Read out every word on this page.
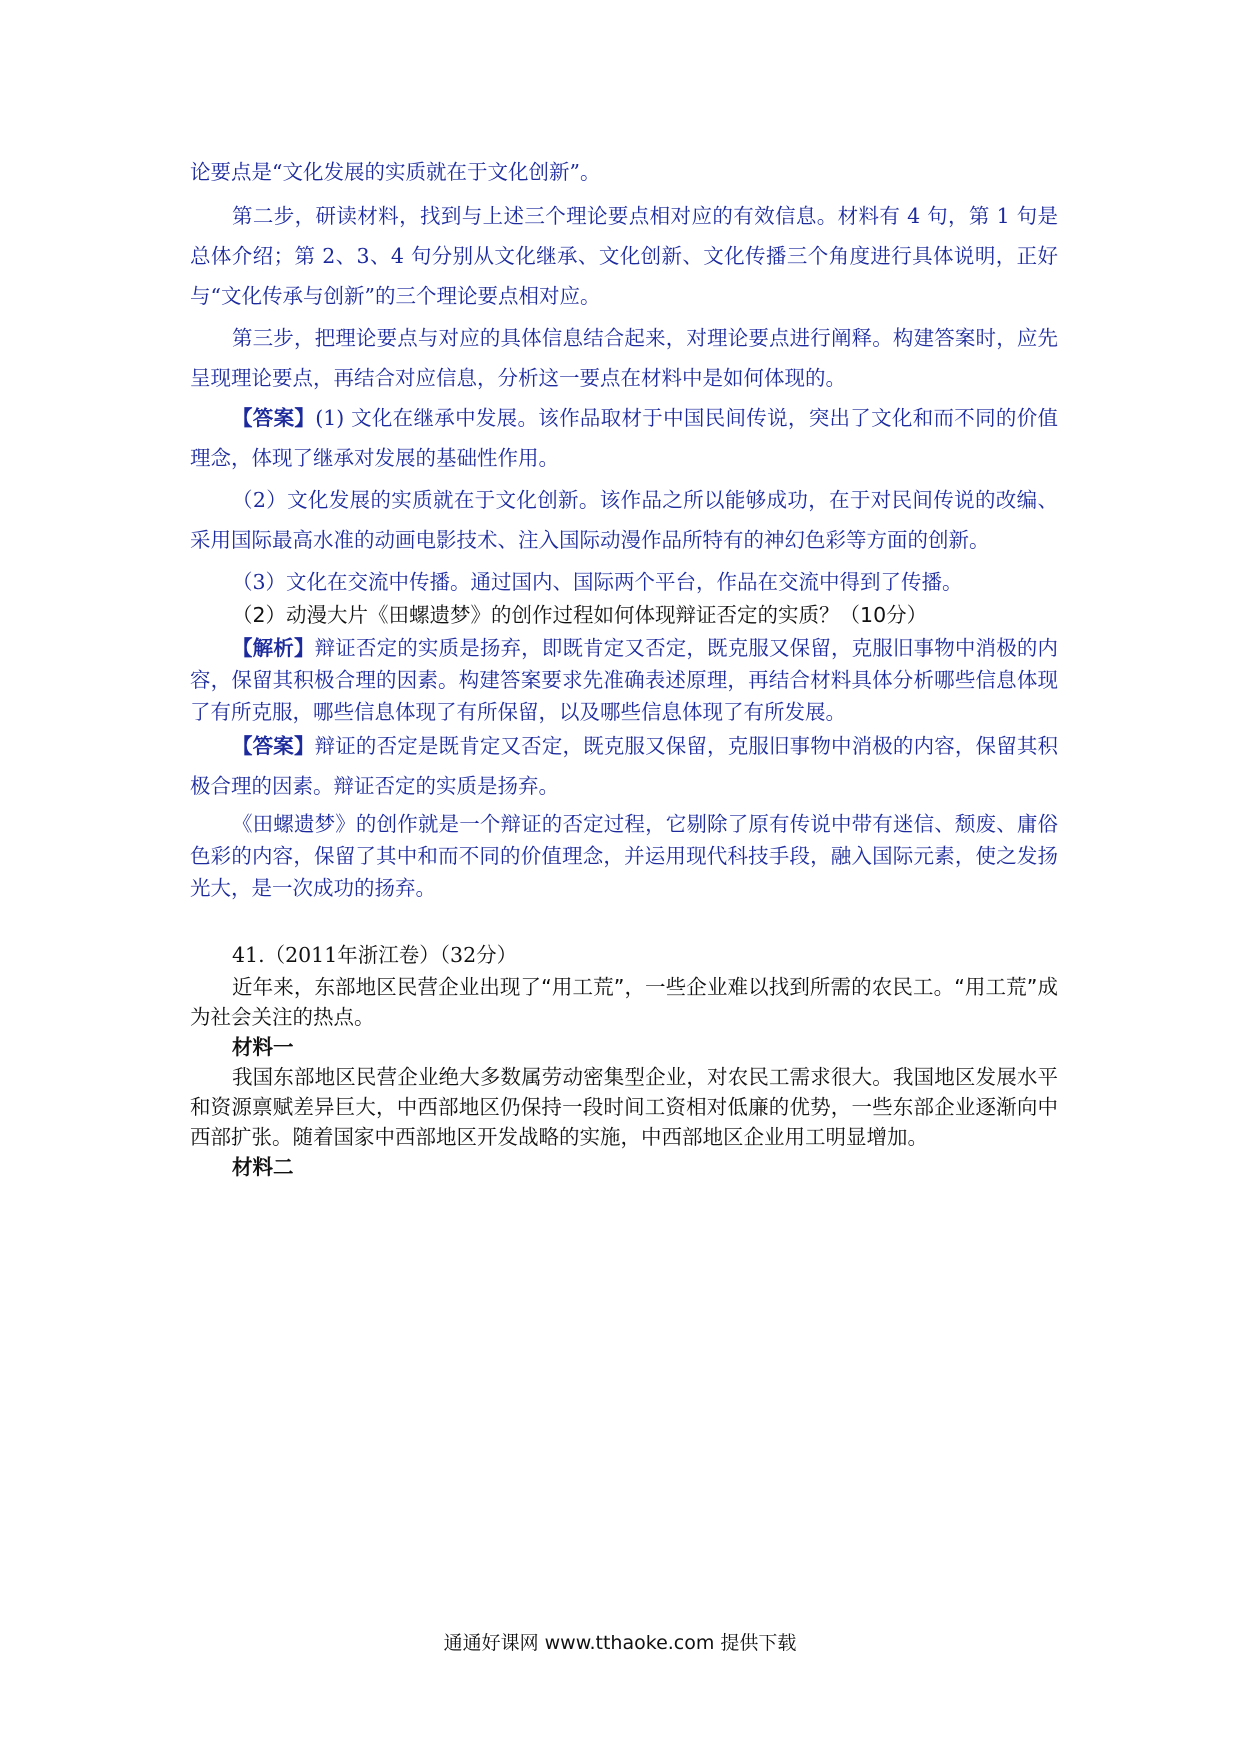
论要点是“文化发展的实质就在于文化创新”。

第二步，研读材料，找到与上述三个理论要点相对应的有效信息。材料有 4 句，第 1 句是总体介绍；第 2、3、4 句分别从文化继承、文化创新、文化传播三个角度进行具体说明，正好与“文化传承与创新”的三个理论要点相对应。

第三步，把理论要点与对应的具体信息结合起来，对理论要点进行阐释。构建答案时，应先呈现理论要点，再结合对应信息，分析这一要点在材料中是如何体现的。

【答案】(1) 文化在继承中发展。该作品取材于中国民间传说，突出了文化和而不同的价值理念，体现了继承对发展的基础性作用。

（2）文化发展的实质就在于文化创新。该作品之所以能够成功，在于对民间传说的改编、采用国际最高水准的动画电影技术、注入国际动漫作品所特有的神幻色彩等方面的创新。

（3）文化在交流中传播。通过国内、国际两个平台，作品在交流中得到了传播。

（2）动漫大片《田螺遗梦》的创作过程如何体现辩证否定的实质？（10分）

【解析】辩证否定的实质是扬弃，即既肯定又否定，既克服又保留，克服旧事物中消极的内容，保留其积极合理的因素。构建答案要求先准确表述原理，再结合材料具体分析哪些信息体现了有所克服，哪些信息体现了有所保留，以及哪些信息体现了有所发展。

【答案】辩证的否定是既肯定又否定，既克服又保留，克服旧事物中消极的内容，保留其积极合理的因素。辩证否定的实质是扬弃。

《田螺遗梦》的创作就是一个辩证的否定过程，它剔除了原有传说中带有迷信、颓废、庸俗色彩的内容，保留了其中和而不同的价值理念，并运用现代科技手段，融入国际元素，使之发扬光大，是一次成功的扬弃。

41.（2011年浙江卷）（32分）

近年来，东部地区民营企业出现了“用工荒”，一些企业难以找到所需的农民工。“用工荒”成为社会关注的热点。

材料一

我国东部地区民营企业绝大多数属劳动密集型企业，对农民工需求很大。我国地区发展水平和资源禀赋差异巨大，中西部地区仍保持一段时间工资相对低廉的优势，一些东部企业逐渐向中西部扩张。随着国家中西部地区开发战略的实施，中西部地区企业用工明显增加。

材料二

通通好课网 www.tthaoke.com 提供下载
